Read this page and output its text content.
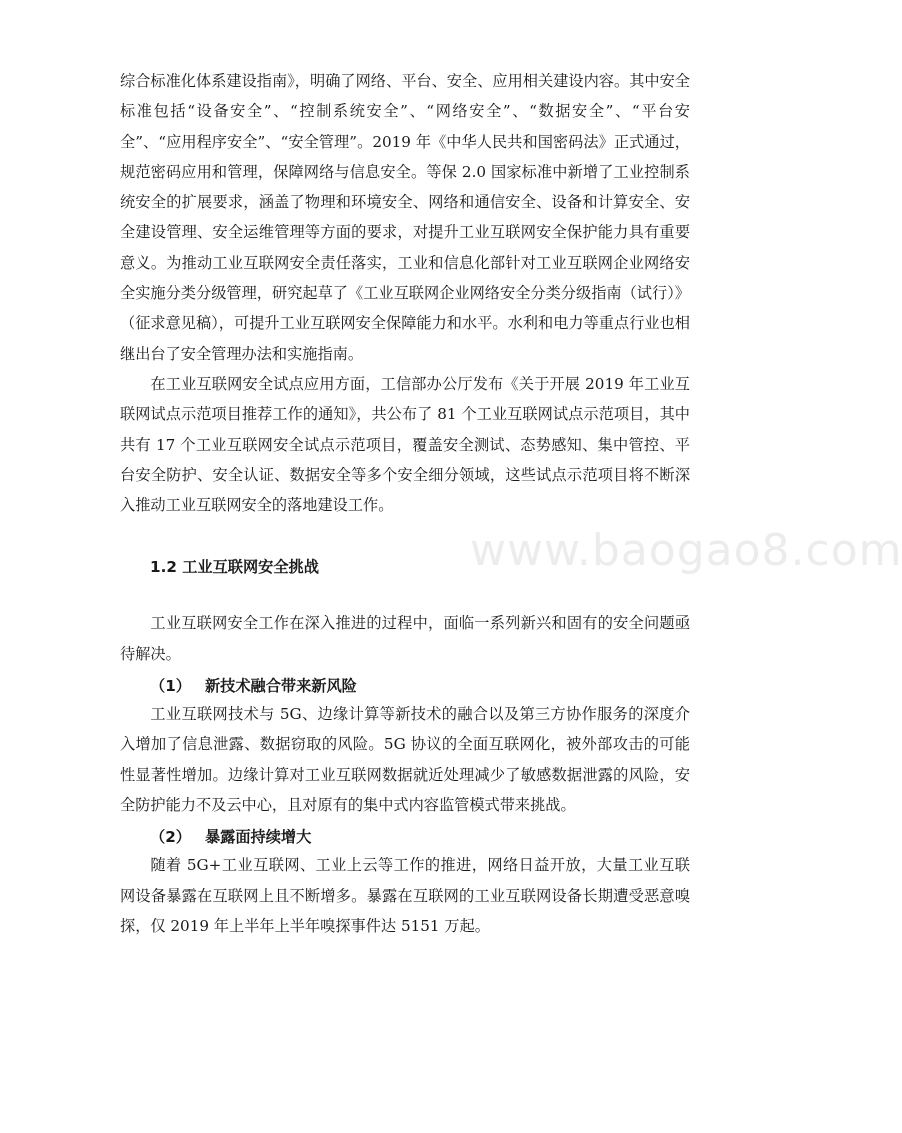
综合标准化体系建设指南》，明确了网络、平台、安全、应用相关建设内容。其中安全标准包括“设备安全”、“控制系统安全”、“网络安全”、“数据安全”、“平台安全”、“应用程序安全”、“安全管理”。2019 年《中华人民共和国密码法》正式通过，规范密码应用和管理，保障网络与信息安全。等保 2.0 国家标准中新增了工业控制系统安全的扩展要求，涵盖了物理和环境安全、网络和通信安全、设备和计算安全、安全建设管理、安全运维管理等方面的要求，对提升工业互联网安全保护能力具有重要意义。为推动工业互联网安全责任落实，工业和信息化部针对工业互联网企业网络安全实施分类分级管理，研究起草了《工业互联网企业网络安全分类分级指南（试行）》（征求意见稿），可提升工业互联网安全保障能力和水平。水利和电力等重点行业也相继出台了安全管理办法和实施指南。

在工业互联网安全试点应用方面，工信部办公厅发布《关于开展 2019 年工业互联网试点示范项目推荐工作的通知》，共公布了 81 个工业互联网试点示范项目，其中共有 17 个工业互联网安全试点示范项目，覆盖安全测试、态势感知、集中管控、平台安全防护、安全认证、数据安全等多个安全细分领域，这些试点示范项目将不断深入推动工业互联网安全的落地建设工作。

1.2 工业互联网安全挑战

工业互联网安全工作在深入推进的过程中，面临一系列新兴和固有的安全问题亟待解决。

（1） 新技术融合带来新风险

工业互联网技术与 5G、边缘计算等新技术的融合以及第三方协作服务的深度介入增加了信息泄露、数据窃取的风险。5G 协议的全面互联网化，被外部攻击的可能性显著性增加。边缘计算对工业互联网数据就近处理减少了敏感数据泄露的风险，安全防护能力不及云中心，且对原有的集中式内容监管模式带来挑战。

（2） 暴露面持续增大

随着 5G+工业互联网、工业上云等工作的推进，网络日益开放，大量工业互联网设备暴露在互联网上且不断增多。暴露在互联网的工业互联网设备长期遭受恶意嗅探，仅 2019 年上半年上半年嗅探事件达 5151 万起。

www.baogao8.com
